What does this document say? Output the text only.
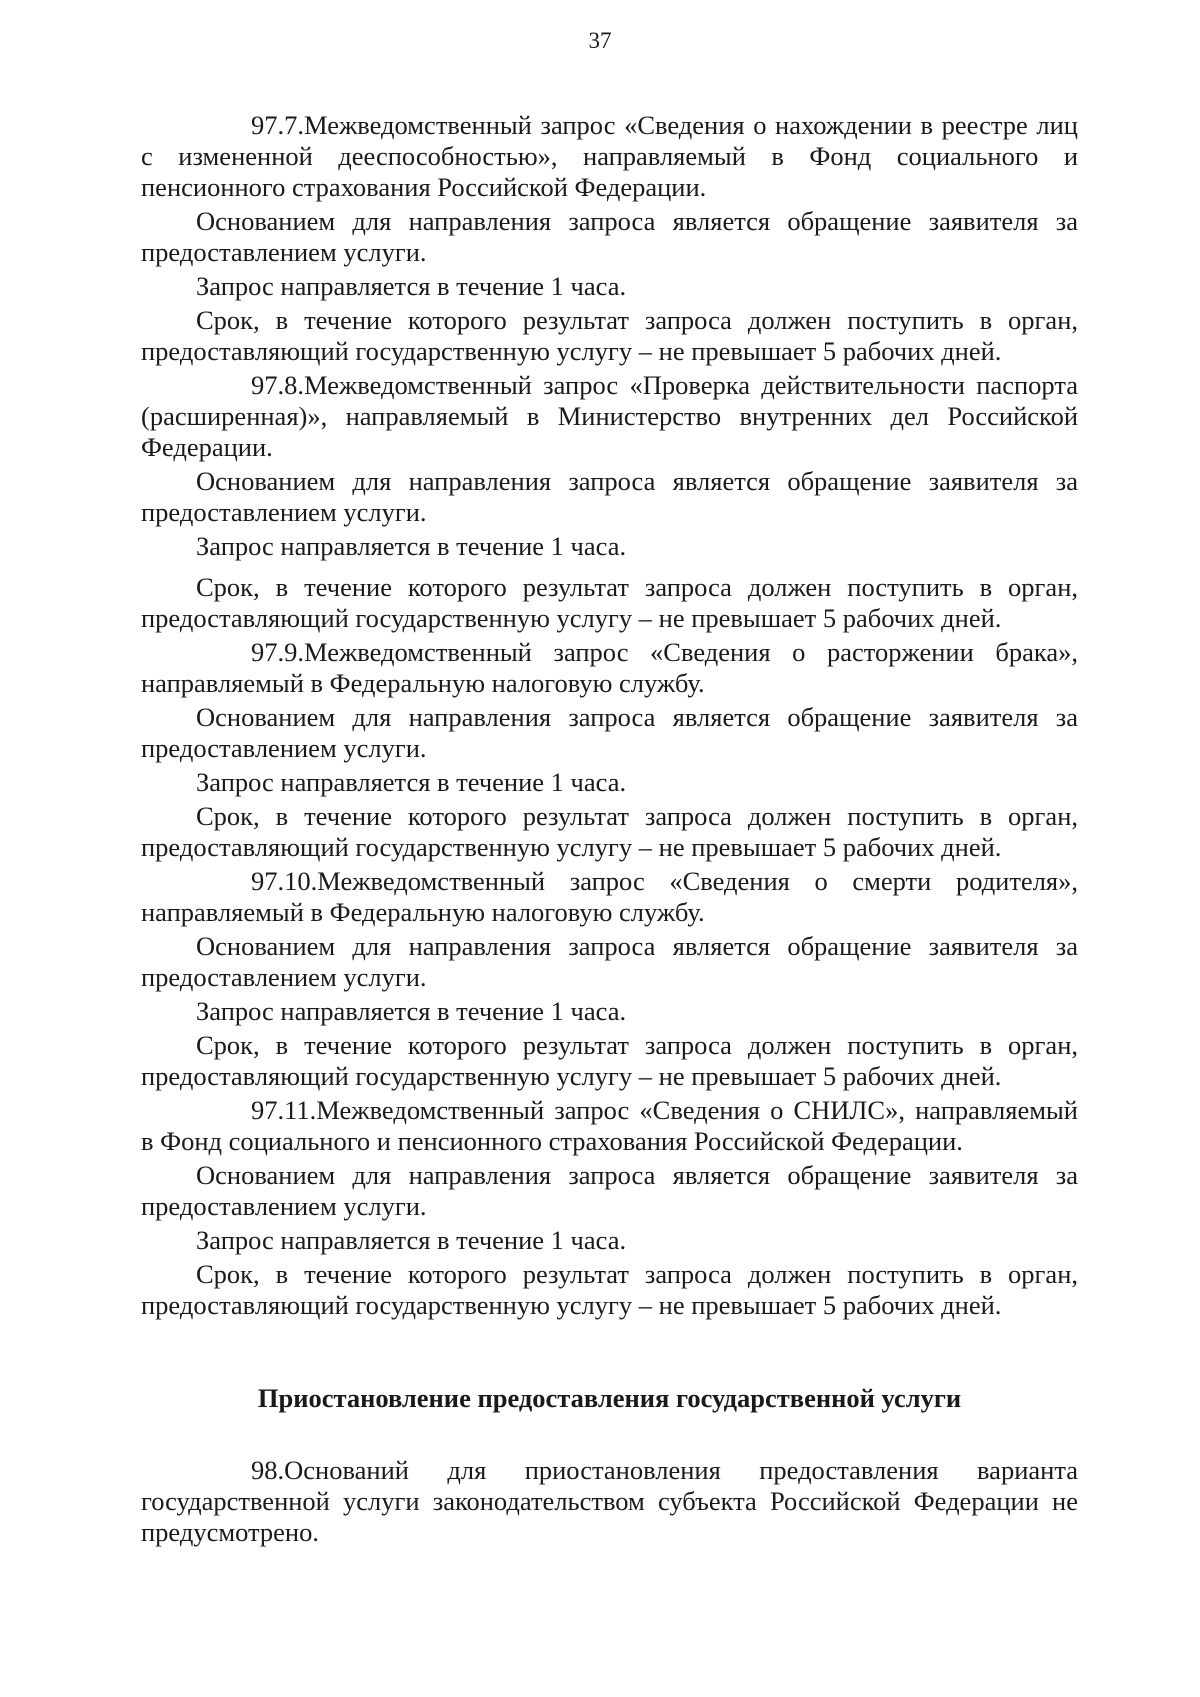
37

97.7.Межведомственный запрос «Сведения о нахождении в реестре лиц с измененной дееспособностью», направляемый в Фонд социального и пенсионного страхования Российской Федерации.

Основанием для направления запроса является обращение заявителя за предоставлением услуги.

Запрос направляется в течение 1 часа.

Срок, в течение которого результат запроса должен поступить в орган, предоставляющий государственную услугу – не превышает 5 рабочих дней.

97.8.Межведомственный запрос «Проверка действительности паспорта (расширенная)», направляемый в Министерство внутренних дел Российской Федерации.

Основанием для направления запроса является обращение заявителя за предоставлением услуги.

Запрос направляется в течение 1 часа.

Срок, в течение которого результат запроса должен поступить в орган, предоставляющий государственную услугу – не превышает 5 рабочих дней.

97.9.Межведомственный запрос «Сведения о расторжении брака», направляемый в Федеральную налоговую службу.

Основанием для направления запроса является обращение заявителя за предоставлением услуги.

Запрос направляется в течение 1 часа.

Срок, в течение которого результат запроса должен поступить в орган, предоставляющий государственную услугу – не превышает 5 рабочих дней.

97.10.Межведомственный запрос «Сведения о смерти родителя», направляемый в Федеральную налоговую службу.

Основанием для направления запроса является обращение заявителя за предоставлением услуги.

Запрос направляется в течение 1 часа.

Срок, в течение которого результат запроса должен поступить в орган, предоставляющий государственную услугу – не превышает 5 рабочих дней.

97.11.Межведомственный запрос «Сведения о СНИЛС», направляемый в Фонд социального и пенсионного страхования Российской Федерации.

Основанием для направления запроса является обращение заявителя за предоставлением услуги.

Запрос направляется в течение 1 часа.

Срок, в течение которого результат запроса должен поступить в орган, предоставляющий государственную услугу – не превышает 5 рабочих дней.

Приостановление предоставления государственной услуги

98.Оснований для приостановления предоставления варианта государственной услуги законодательством субъекта Российской Федерации не предусмотрено.
